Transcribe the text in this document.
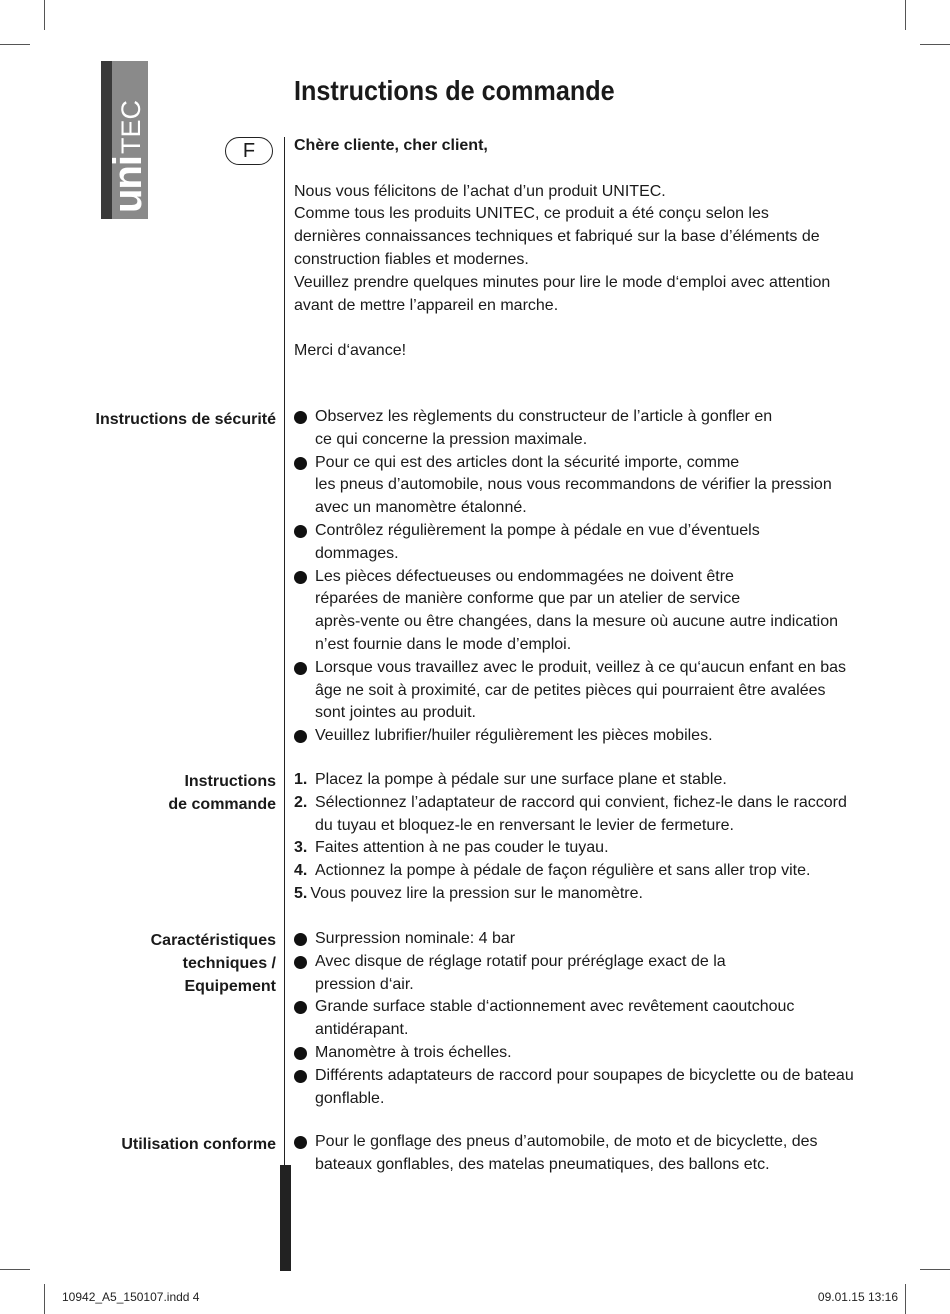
uni
TEC
Instructions de commande
F	Chère cliente, cher client,
Nous vous félicitons de l’achat d’un produit UNITEC.
Comme tous les produits UNITEC, ce produit a été conçu selon les
dernières connaissances techniques et fabriqué sur la base d’éléments de
construction fiables et modernes.
Veuillez prendre quelques minutes pour lire le mode d‘emploi avec attention
avant de mettre l’appareil en marche.
Merci d‘avance!
Instructions de sécurité Observez les règlements du constructeur de l’article à gonfler en
ce qui concerne la pression maximale.
Pour ce qui est des articles dont la sécurité importe, comme
les pneus d’automobile, nous vous recommandons de vérifier la pression
avec un manomètre étalonné.
Contrôlez régulièrement la pompe à pédale en vue d’éventuels
dommages.
Les pièces défectueuses ou endommagées ne doivent être
réparées de manière conforme que par un atelier de service
après-vente ou être changées, dans la mesure où aucune autre indication
n’est fournie dans le mode d’emploi.
Lorsque vous travaillez avec le produit, veillez à ce qu‘aucun enfant en bas
âge ne soit à proximité, car de petites pièces qui pourraient être avalées
sont jointes au produit.
Veuillez lubrifier/huiler régulièrement les pièces mobiles.
Instructions
de commande
1. Placez la pompe à pédale sur une surface plane et stable.
2. Sélectionnez l’adaptateur de raccord qui convient, fichez-le dans le raccord
du tuyau et bloquez-le en renversant le levier de fermeture.
3. Faites attention à ne pas couder le tuyau.
4. Actionnez la pompe à pédale de façon régulière et sans aller trop vite.
5. Vous pouvez lire la pression sur le manomètre.
Caractéristiques
techniques /
Equipement
Surpression nominale: 4 bar
Avec disque de réglage rotatif pour préréglage exact de la
pression d‘air.
Grande surface stable d‘actionnement avec revêtement caoutchouc
antidérapant.
Manomètre à trois échelles.
Différents adaptateurs de raccord pour soupapes de bicyclette ou de bateau
gonflable.
Utilisation conforme Pour le gonflage des pneus d’automobile, de moto et de bicyclette, des
bateaux gonflables, des matelas pneumatiques, des ballons etc.
10942_A5_150107.indd 4	09.01.15 13:16
